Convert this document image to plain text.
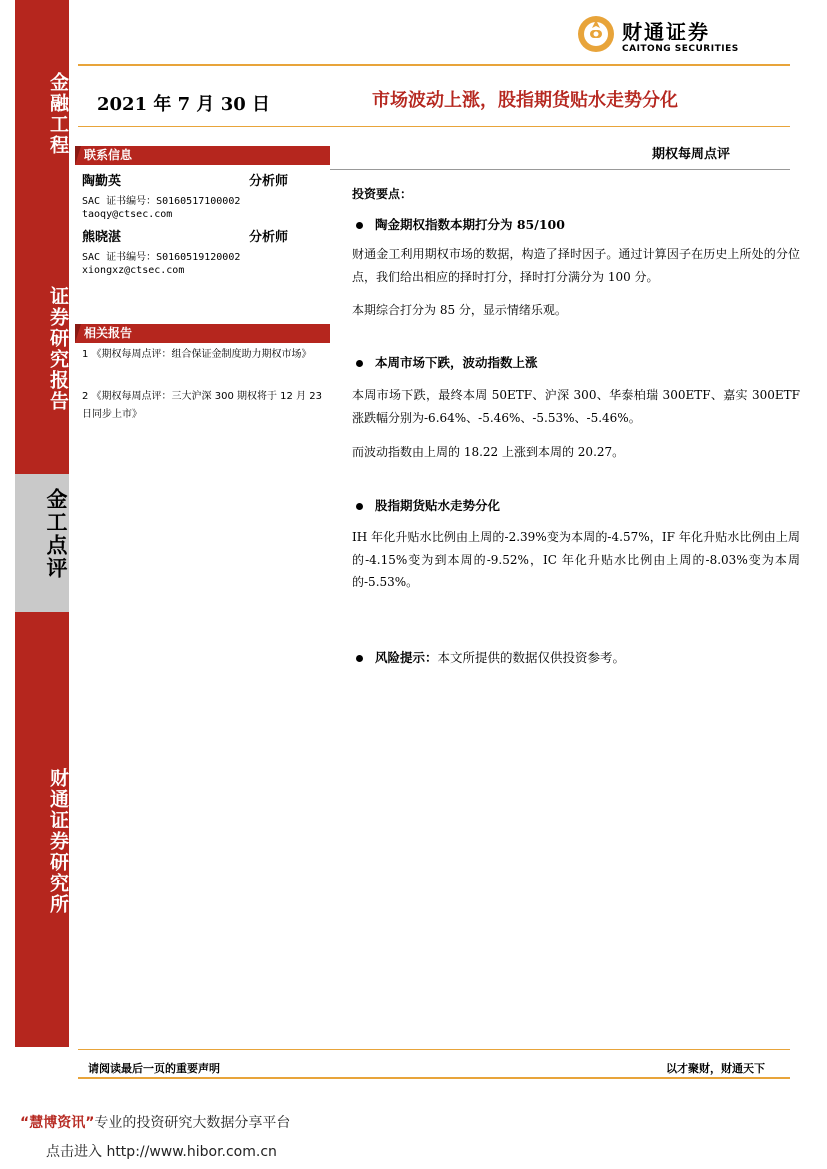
金融工程
证券研究报告
财通证券研究所
金工点评
财通证券
CAITONG SECURITIES
2021 年 7 月 30 日	市场波动上涨，股指期货贴水走势分化
期权每周点评
联系信息
陶勤英	分析师
SAC 证书编号：S0160517100002
taoqy@ctsec.com
熊晓湛	分析师
SAC 证书编号：S0160519120002
xiongxz@ctsec.com
相关报告
1 《期权每周点评：组合保证金制度助力期权市场》
2 《期权每周点评：三大沪深 300 期权将于 12 月 23 日同步上市》
投资要点：
陶金期权指数本期打分为 85/100
财通金工利用期权市场的数据，构造了择时因子。通过计算因子在历史上所处的分位点，我们给出相应的择时打分，择时打分满分为 100 分。
本期综合打分为 85 分，显示情绪乐观。
本周市场下跌，波动指数上涨
本周市场下跌，最终本周 50ETF、沪深 300、华泰柏瑞 300ETF、嘉实 300ETF 涨跌幅分别为-6.64%、-5.46%、-5.53%、-5.46%。
而波动指数由上周的 18.22 上涨到本周的 20.27。
股指期货贴水走势分化
IH 年化升贴水比例由上周的-2.39%变为本周的-4.57%，IF 年化升贴水比例由上周的-4.15%变为到本周的-9.52%，IC 年化升贴水比例由上周的-8.03%变为本周的-5.53%。
风险提示：本文所提供的数据仅供投资参考。
请阅读最后一页的重要声明	以才聚财，财通天下
“慧博资讯”专业的投资研究大数据分享平台
点击进入 http://www.hibor.com.cn
